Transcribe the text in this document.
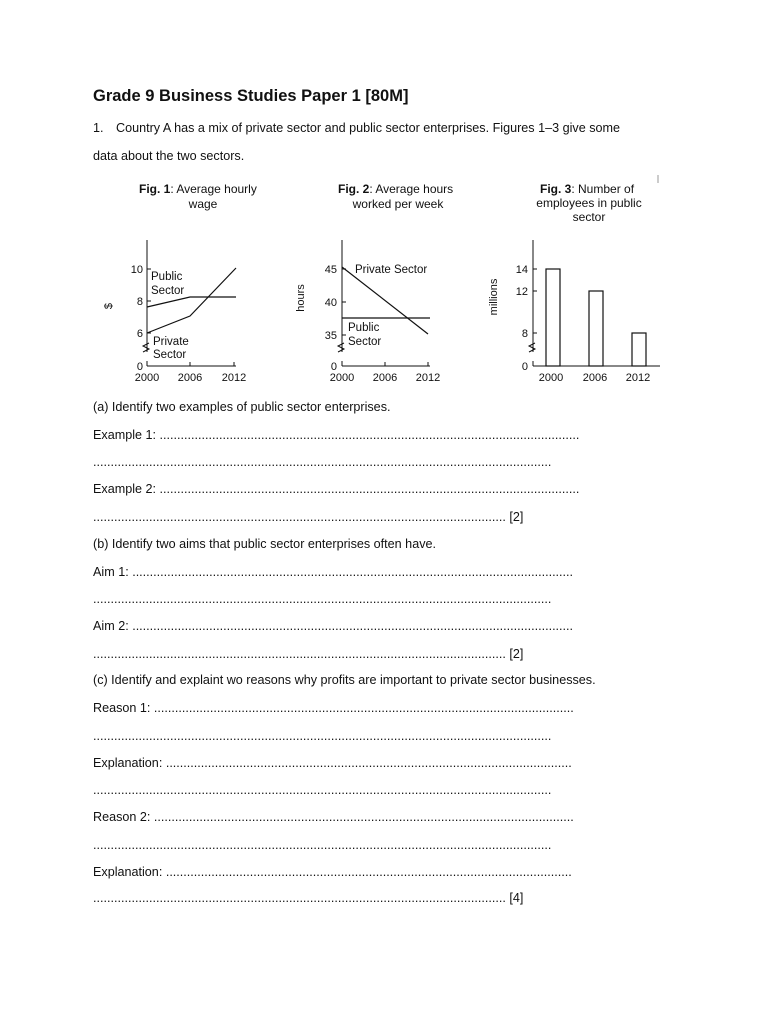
Grade 9 Business Studies Paper 1 [80M]
1. Country A has a mix of private sector and public sector enterprises. Figures 1–3 give some
data about the two sectors.
Fig. 1: Average hourly
wage
$
10
8
6
0
2000 2006 2012
Public
Sector
Private
Sector
Fig. 2: Average hours
worked per week
hours
45
40
35
0
2000 2006 2012
Private Sector
Public
Sector
Fig. 3: Number of
employees in public
sector
millions
14
12
8
0
2000 2006 2012
(a) Identify two examples of public sector enterprises.
Example 1: ........................................................................................................................
...................................................................................................................................
Example 2: ........................................................................................................................
...................................................................................................................... [2]
(b) Identify two aims that public sector enterprises often have.
Aim 1: ..............................................................................................................................
...................................................................................................................................
Aim 2: ..............................................................................................................................
...................................................................................................................... [2]
(c) Identify and explaint wo reasons why profits are important to private sector businesses.
Reason 1: ........................................................................................................................
...................................................................................................................................
Explanation: ....................................................................................................................
...................................................................................................................................
Reason 2: ........................................................................................................................
...................................................................................................................................
Explanation: ....................................................................................................................
...................................................................................................................... [4]
